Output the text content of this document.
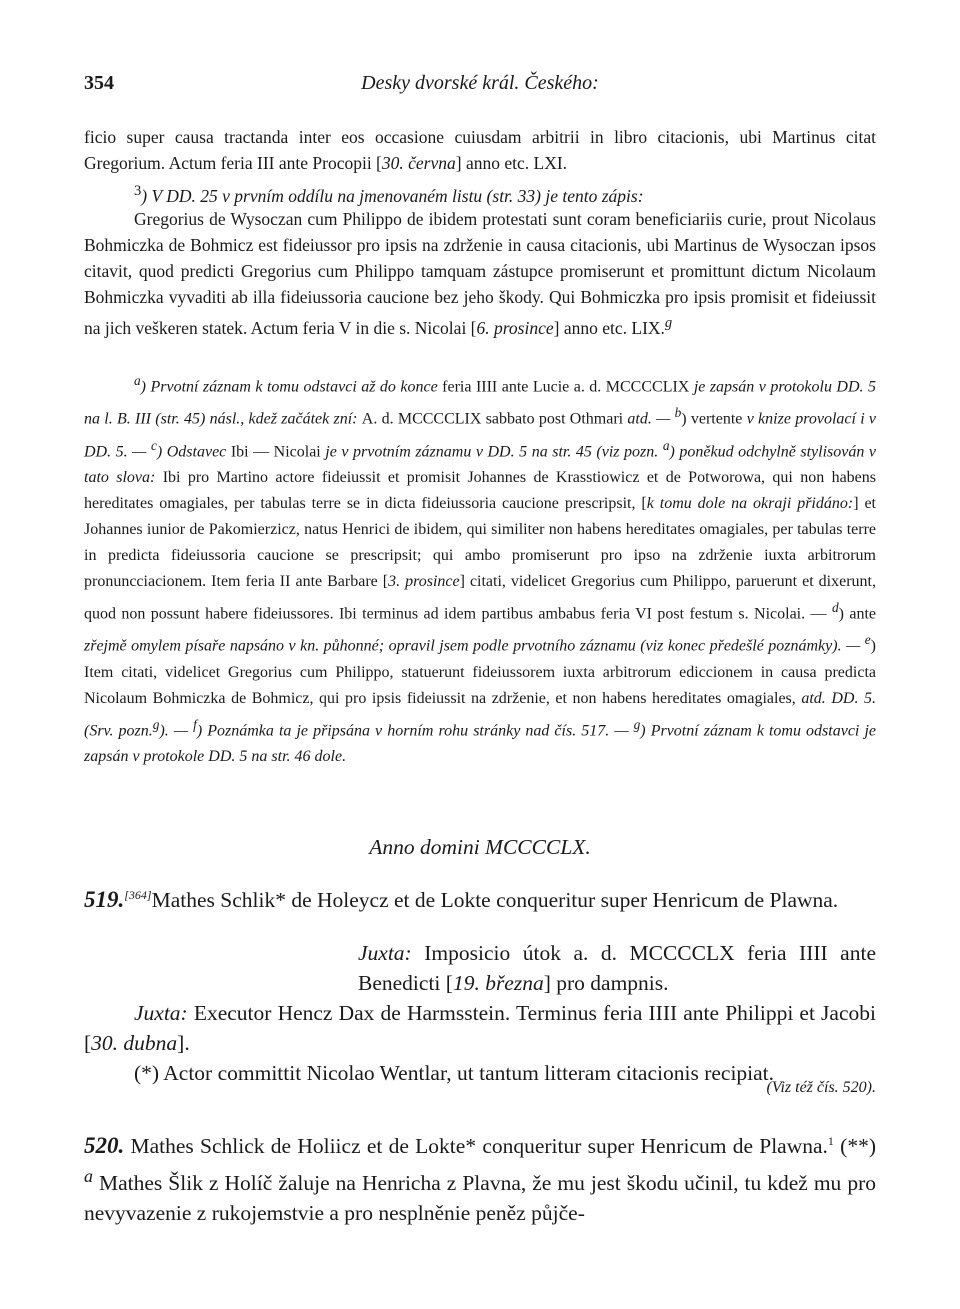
354	Desky dvorské král. Českého:

ficio super causa tractanda inter eos occasione cuiusdam arbitrii in libro citacionis, ubi Martinus citat Gregorium. Actum feria III ante Procopii [30. června] anno etc. LXI.

$^3$) V DD. 25 v prvním oddílu na jmenovaném listu (str. 33) je tento zápis:

Gregorius de Wysoczan cum Philippo de ibidem protestati sunt coram beneficiariis curie, prout Nicolaus Bohmiczka de Bohmicz est fideiussor pro ipsis na zdrženie in causa citacionis, ubi Martinus de Wysoczan ipsos citavit, quod predicti Gregorius cum Philippo tamquam zástupce promiserunt et promittunt dictum Nicolaum Bohmiczka vyvaditi ab illa fideiussoria caucione bez jeho škody. Qui Bohmiczka pro ipsis promisit et fideiussit na jich veškeren statek. Actum feria V in die s. Nicolai [6. prosince] anno etc. LIX.$^g$

$^a$) Prvotní záznam k tomu odstavci až do konce feria IIII ante Lucie a. d. MCCCCLIX je zapsán v protokolu DD. 5 na l. B. III (str. 45) násl., kdež začátek zní: A. d. MCCCCLIX sabbato post Othmari atd. — $^b$) vertente v knize provolací i v DD. 5. — $^c$) Odstavec Ibi — Nicolai je v prvotním záznamu v DD. 5 na str. 45 (viz pozn. $^a$) poněkud odchylně stylisován v tato slova: Ibi pro Martino actore fideiussit et promisit Johannes de Krasstiowicz et de Potworowa, qui non habens hereditates omagiales, per tabulas terre se in dicta fideiussoria caucione prescripsit, [k tomu dole na okraji přidáno:] et Johannes iunior de Pakomierzicz, natus Henrici de ibidem, qui similiter non habens hereditates omagiales, per tabulas terre in predicta fideiussoria caucione se prescripsit; qui ambo promiserunt pro ipso na zdrženie iuxta arbitrorum pronuncciacionem. Item feria II ante Barbare [3. prosince] citati, videlicet Gregorius cum Philippo, paruerunt et dixerunt, quod non possunt habere fideiussores. Ibi terminus ad idem partibus ambabus feria VI post festum s. Nicolai. — $^d$) ante zřejmě omylem písaře napsáno v kn. půhonné; opravil jsem podle prvotního záznamu (viz konec předešlé poznámky). — $^e$) Item citati, videlicet Gregorius cum Philippo, statuerunt fideiussorem iuxta arbitrorum ediccionem in causa predicta Nicolaum Bohmiczka de Bohmicz, qui pro ipsis fideiussit na zdrženie, et non habens hereditates omagiales, atd. DD. 5. (Srv. pozn.$^g$). — $^f$) Poznámka ta je připsána v horním rohu stránky nad čís. 517. — $^g$) Prvotní záznam k tomu odstavci je zapsán v protokole DD. 5 na str. 46 dole.

Anno domini MCCCCLX.

519.[364]Mathes Schlik* de Holeycz et de Lokte conqueritur super Henricum de Plawna.

Juxta: Imposicio útok a. d. MCCCCLX feria IIII ante Benedicti [19. března] pro dampnis.

Juxta: Executor Hencz Dax de Harmsstein. Terminus feria IIII ante Philippi et Jacobi [30. dubna].

(*) Actor committit Nicolao Wentlar, ut tantum litteram citacionis recipiat.

(Viz též čís. 520).

520. Mathes Schlick de Holiicz et de Lokte* conqueritur super Henricum de Plawna.$^1$ (**) $^a$ Mathes Šlik z Holíč žaluje na Henricha z Plavna, že mu jest škodu učinil, tu kdež mu pro nevyvazenie z rukojemstvie a pro nesplněnie peněz půjče-
